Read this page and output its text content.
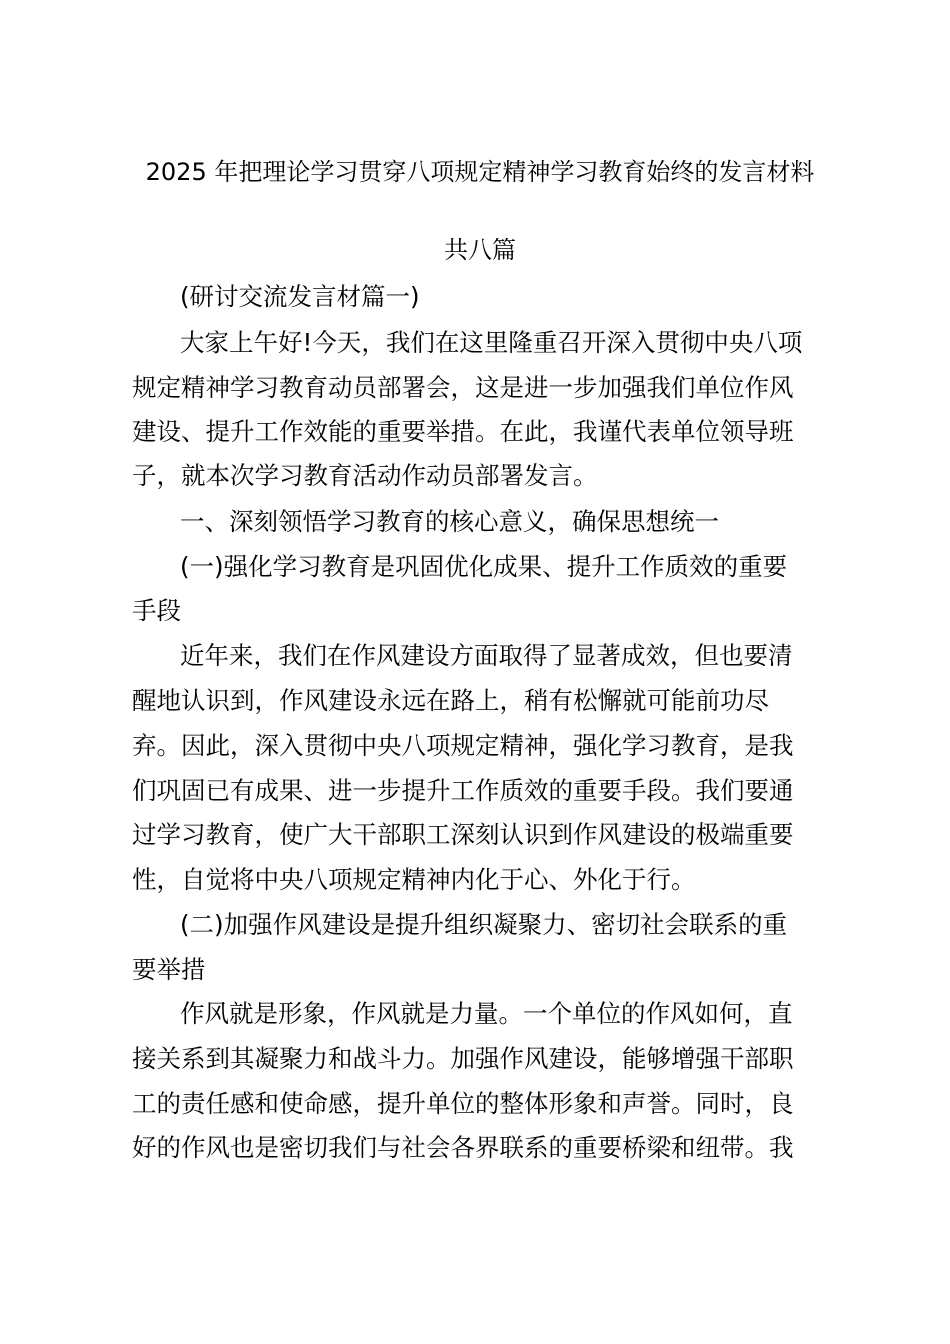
2025 年把理论学习贯穿八项规定精神学习教育始终的发言材料
共八篇
(研讨交流发言材篇一)
大家上午好!今天，我们在这里隆重召开深入贯彻中央八项
规定精神学习教育动员部署会，这是进一步加强我们单位作风
建设、提升工作效能的重要举措。在此，我谨代表单位领导班
子，就本次学习教育活动作动员部署发言。
一、深刻领悟学习教育的核心意义，确保思想统一
(一)强化学习教育是巩固优化成果、提升工作质效的重要
手段
近年来，我们在作风建设方面取得了显著成效，但也要清
醒地认识到，作风建设永远在路上，稍有松懈就可能前功尽
弃。因此，深入贯彻中央八项规定精神，强化学习教育，是我
们巩固已有成果、进一步提升工作质效的重要手段。我们要通
过学习教育，使广大干部职工深刻认识到作风建设的极端重要
性，自觉将中央八项规定精神内化于心、外化于行。
(二)加强作风建设是提升组织凝聚力、密切社会联系的重
要举措
作风就是形象，作风就是力量。一个单位的作风如何，直
接关系到其凝聚力和战斗力。加强作风建设，能够增强干部职
工的责任感和使命感，提升单位的整体形象和声誉。同时，良
好的作风也是密切我们与社会各界联系的重要桥梁和纽带。我
